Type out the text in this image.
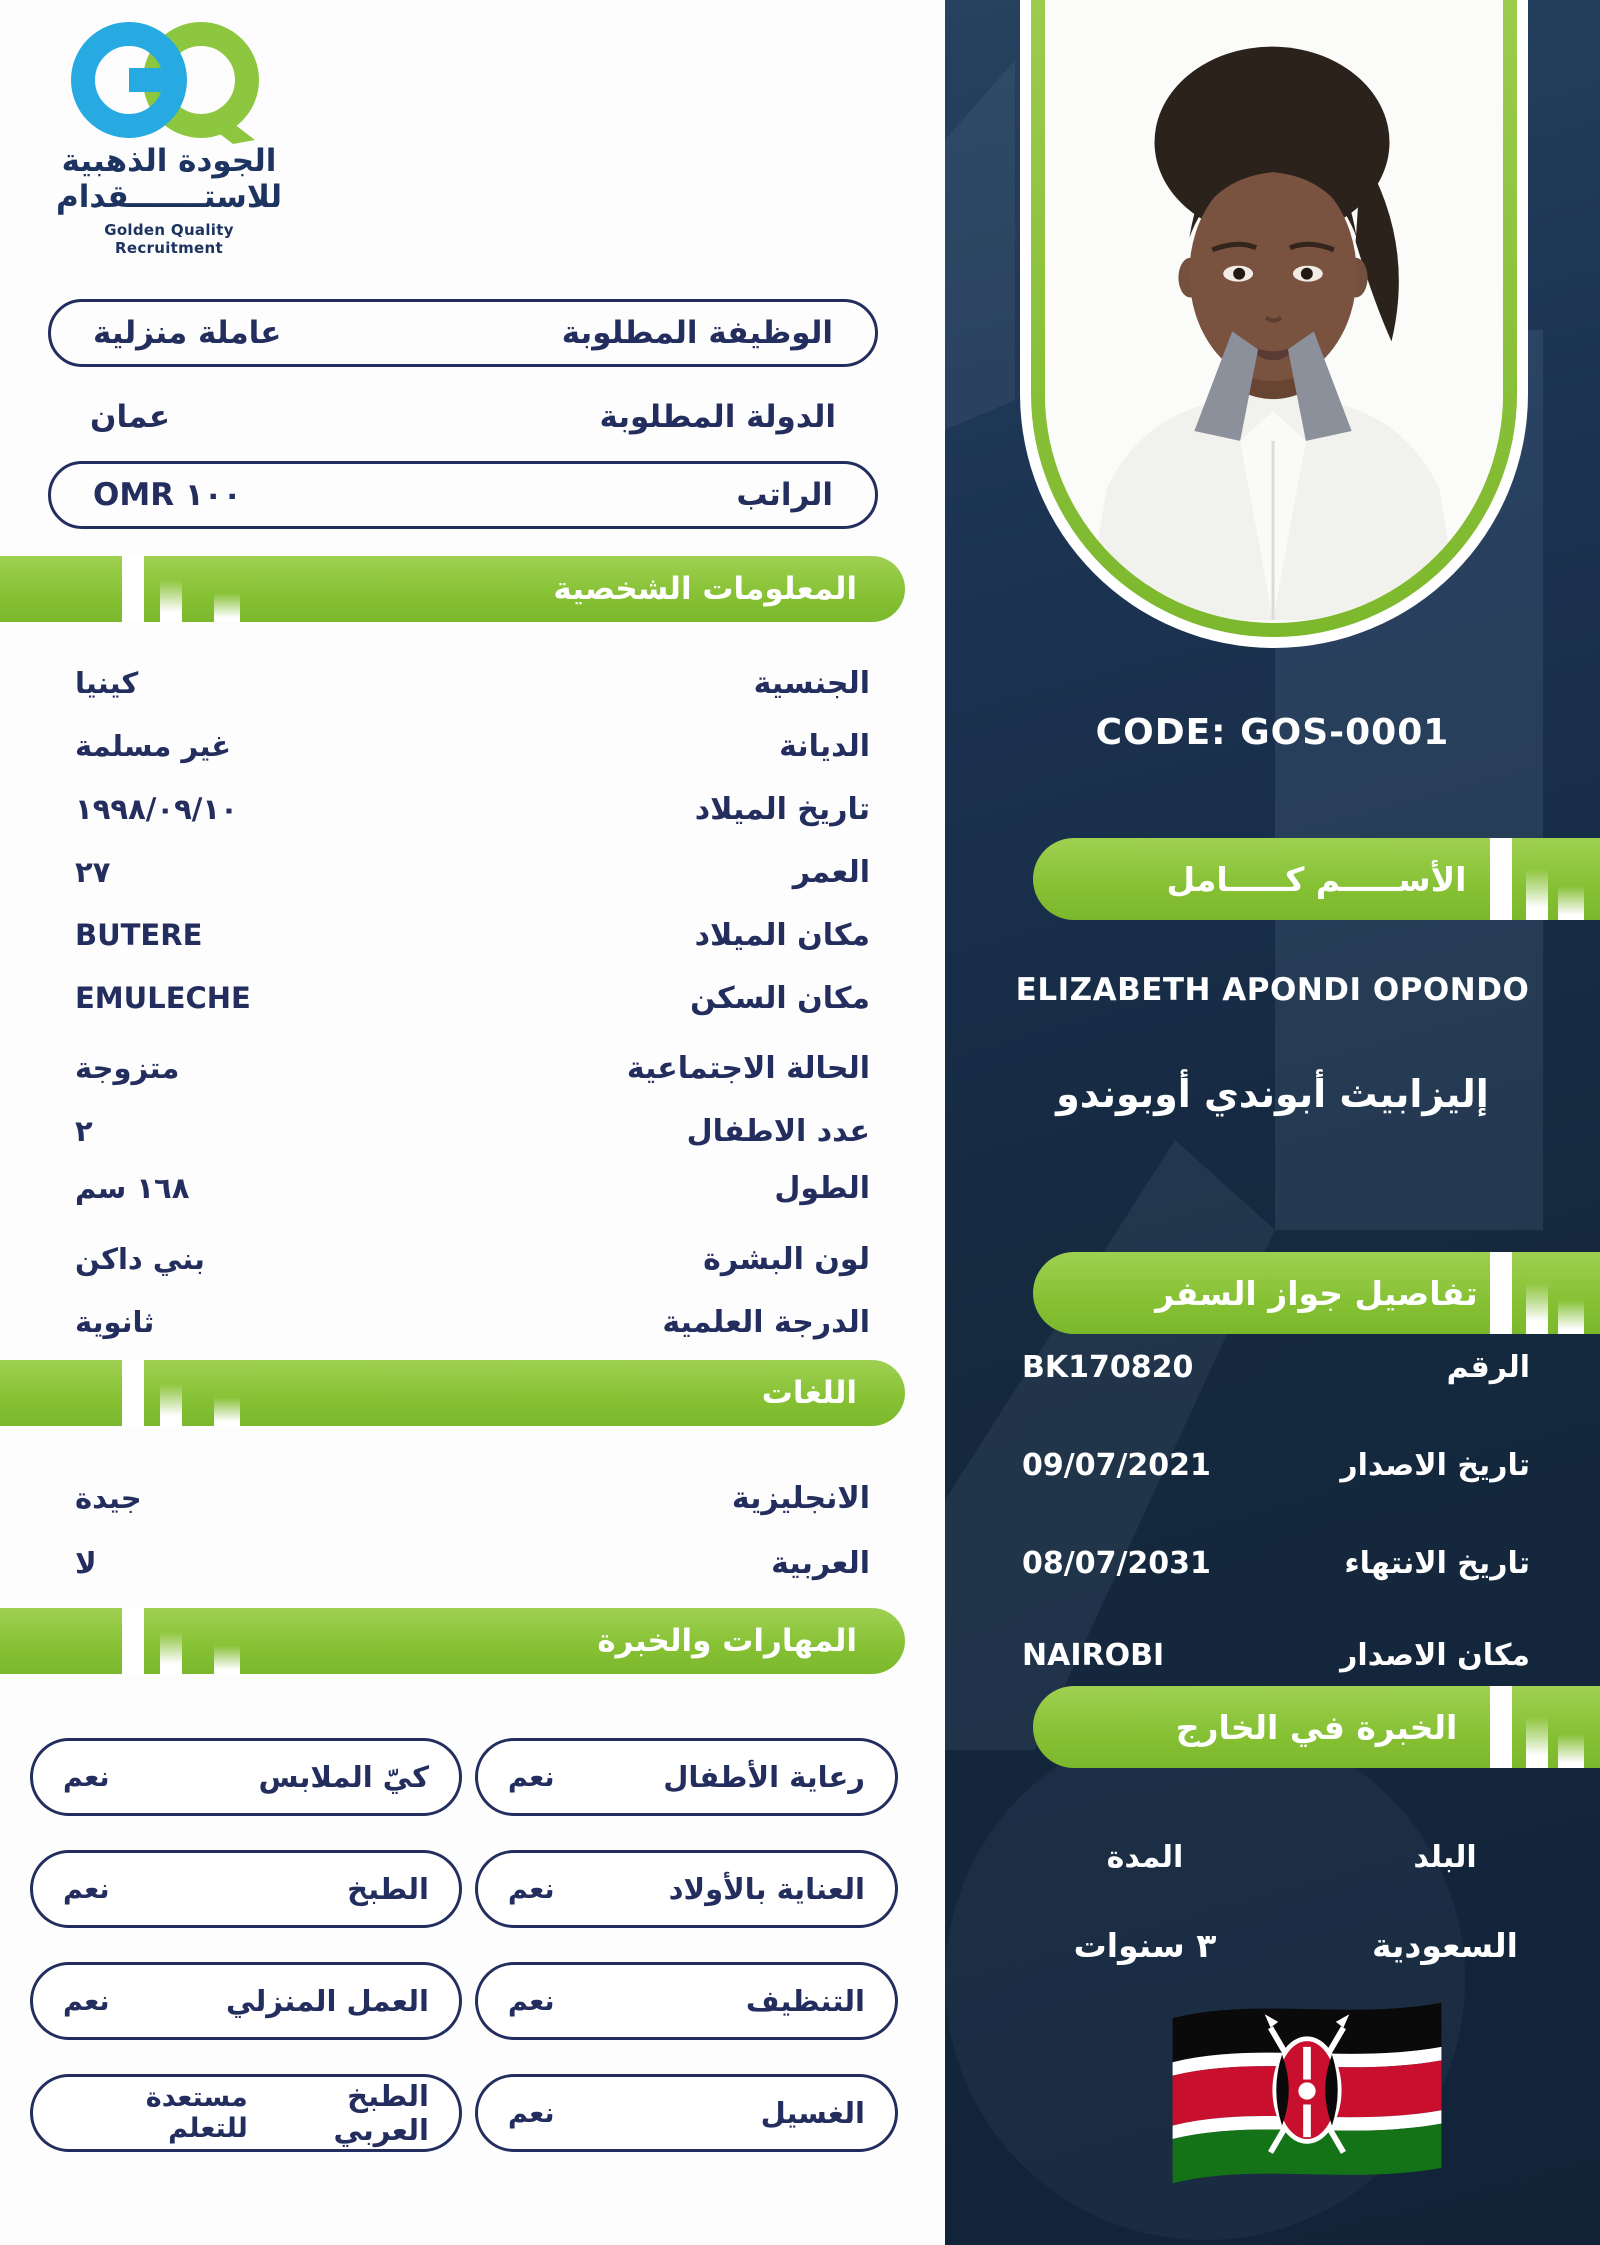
CODE: GOS-0001
الأســـــم كـــــامل
ELIZABETH APONDI OPONDO
إليزابيث أبوندي أوبوندو
تفاصيل جواز السفر
الرقم
BK170820
تاريخ الاصدار
09/07/2021
تاريخ الانتهاء
08/07/2031
مكان الاصدار
NAIROBI
الخبرة في الخارج
البلد
المدة
السعودية
٣ سنوات
الجودة الذهبية
للاستـــــــقدام
Golden Quality Recruitment
الوظيفة المطلوبة
عاملة منزلية
الدولة المطلوبة
عمان
الراتب
OMR ١٠٠
المعلومات الشخصية
الجنسية
كينيا
الديانة
غير مسلمة
تاريخ الميلاد
١٩٩٨/٠٩/١٠
العمر
٢٧
مكان الميلاد
BUTERE
مكان السكن
EMULECHE
الحالة الاجتماعية
متزوجة
عدد الاطفال
٢
الطول
١٦٨ سم
لون البشرة
بني داكن
الدرجة العلمية
ثانوية
اللغات
الانجليزية
جيدة
العربية
لا
المهارات والخبرة
رعاية الأطفال
نعم
كيّ الملابس
نعم
العناية بالأولاد
نعم
الطبخ
نعم
التنظيف
نعم
العمل المنزلي
نعم
الغسيل
نعم
الطبخ العربي
مستعدة للتعلم
